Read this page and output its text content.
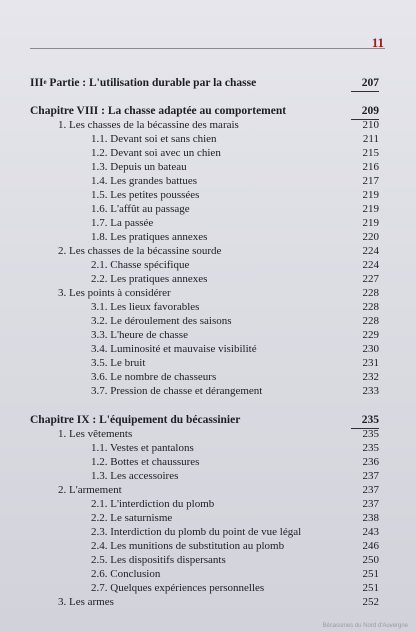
11
IIIe Partie : L'utilisation durable par la chasse	207
Chapitre VIII : La chasse adaptée au comportement	209
1. Les chasses de la bécassine des marais	210
1.1. Devant soi et sans chien	211
1.2. Devant soi avec un chien	215
1.3. Depuis un bateau	216
1.4. Les grandes battues	217
1.5. Les petites poussées	219
1.6. L'affût au passage	219
1.7. La passée	219
1.8. Les pratiques annexes	220
2. Les chasses de la bécassine sourde	224
2.1. Chasse spécifique	224
2.2. Les pratiques annexes	227
3. Les points à considérer	228
3.1. Les lieux favorables	228
3.2. Le déroulement des saisons	228
3.3. L'heure de chasse	229
3.4. Luminosité et mauvaise visibilité	230
3.5. Le bruit	231
3.6. Le nombre de chasseurs	232
3.7. Pression de chasse et dérangement	233
Chapitre IX : L'équipement du bécassinier	235
1. Les vêtements	235
1.1. Vestes et pantalons	235
1.2. Bottes et chaussures	236
1.3. Les accessoires	237
2. L'armement	237
2.1. L'interdiction du plomb	237
2.2. Le saturnisme	238
2.3. Interdiction du plomb du point de vue légal	243
2.4. Les munitions de substitution au plomb	246
2.5. Les dispositifs dispersants	250
2.6. Conclusion	251
2.7. Quelques expériences personnelles	251
3. Les armes	252
Bécassines du Nord d'Auvergne
